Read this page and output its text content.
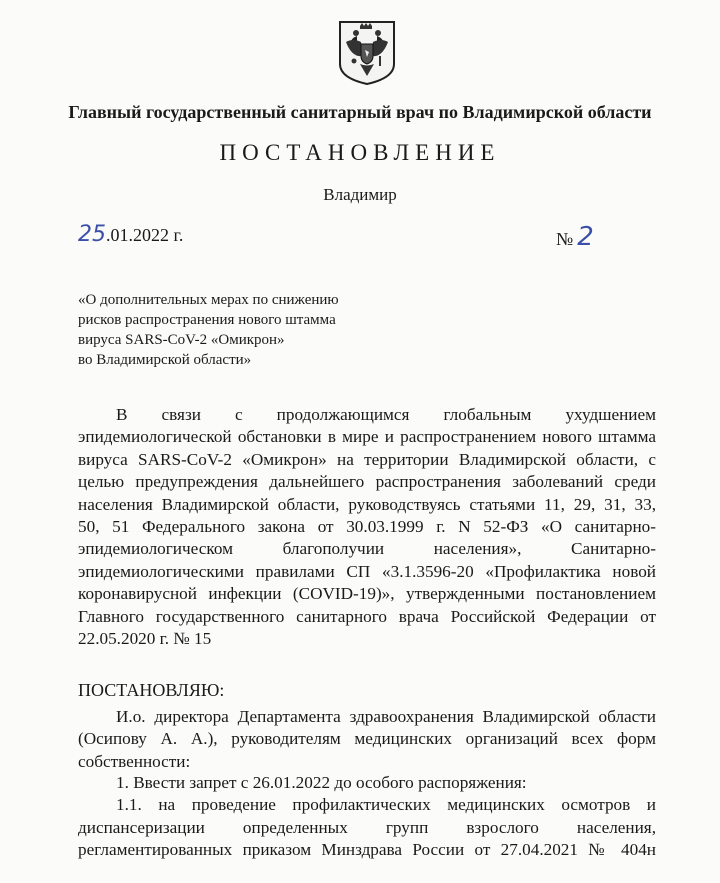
Главный государственный санитарный врач по Владимирской области
ПОСТАНОВЛЕНИЕ
Владимир
25.01.2022 г.	№ 2
«О дополнительных мерах по снижению
рисков распространения нового штамма
вируса SARS-CoV-2 «Омикрон»
во Владимирской области»
В связи с продолжающимся глобальным ухудшением
эпидемиологической обстановки в мире и распространением нового штамма
вируса SARS-CoV-2 «Омикрон» на территории Владимирской области, с
целью предупреждения дальнейшего распространения заболеваний среди
населения Владимирской области, руководствуясь статьями 11, 29, 31, 33,
50, 51 Федерального закона от 30.03.1999 г. N 52-ФЗ «О санитарно-
эпидемиологическом благополучии населения», Санитарно-
эпидемиологическими правилами СП «3.1.3596-20 «Профилактика новой
коронавирусной инфекции (COVID-19)», утвержденными постановлением
Главного государственного санитарного врача Российской Федерации от
22.05.2020 г. № 15
ПОСТАНОВЛЯЮ:
И.о. директора Департамента здравоохранения Владимирской области
(Осипову А. А.), руководителям медицинских организаций всех форм
собственности:
1. Ввести запрет с 26.01.2022 до особого распоряжения:
1.1. на проведение профилактических медицинских осмотров и
диспансеризации определенных групп взрослого населения,
регламентированных приказом Минздрава России от 27.04.2021 № 404н
